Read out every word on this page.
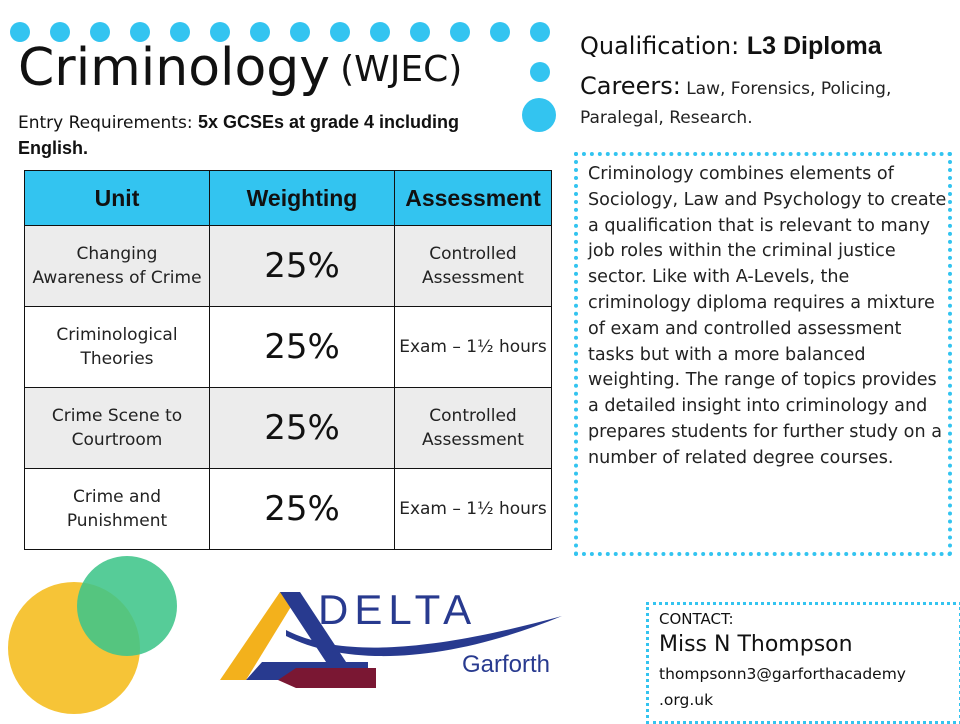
Criminology (WJEC)
Entry Requirements: 5x GCSEs at grade 4 including English.
Unit	Weighting	Assessment
Changing Awareness of Crime	25%	Controlled Assessment
Criminological Theories	25%	Exam – 1½ hours
Crime Scene to Courtroom	25%	Controlled Assessment
Crime and Punishment	25%	Exam – 1½ hours
Qualification: L3 Diploma
Careers: Law, Forensics, Policing, Paralegal, Research.
Criminology combines elements of Sociology, Law and Psychology to create a qualification that is relevant to many job roles within the criminal justice sector. Like with A-Levels, the criminology diploma requires a mixture of exam and controlled assessment tasks but with a more balanced weighting. The range of topics provides a detailed insight into criminology and prepares students for further study on a number of related degree courses.
DELTA
Garforth
CONTACT:
Miss N Thompson
thompsonn3@garforthacademy
.org.uk
